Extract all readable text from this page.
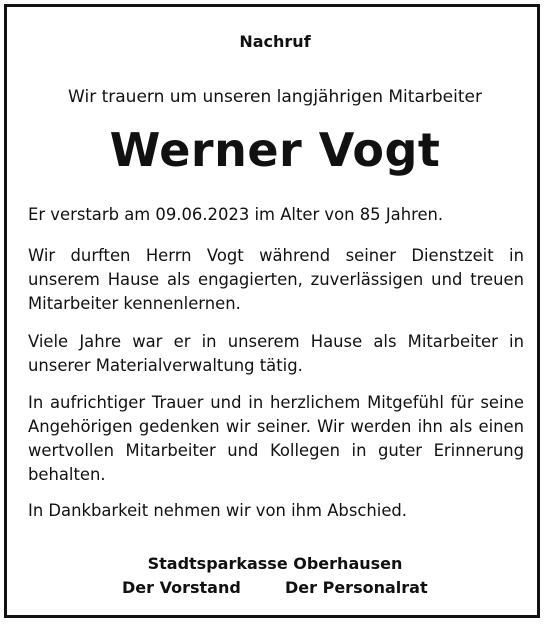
Nachruf
Wir trauern um unseren langjährigen Mitarbeiter
Werner Vogt
Er verstarb am 09.06.2023 im Alter von 85 Jahren.
Wir durften Herrn Vogt während seiner Dienstzeit in unserem Hause als engagierten, zuverlässigen und treuen Mitarbeiter kennenlernen.
Viele Jahre war er in unserem Hause als Mitarbeiter in unserer Materialverwaltung tätig.
In aufrichtiger Trauer und in herzlichem Mitgefühl für seine Angehörigen gedenken wir seiner. Wir werden ihn als einen wertvollen Mitarbeiter und Kollegen in guter Erinnerung behalten.
In Dankbarkeit nehmen wir von ihm Abschied.
Stadtsparkasse Oberhausen
Der Vorstand	Der Personalrat
